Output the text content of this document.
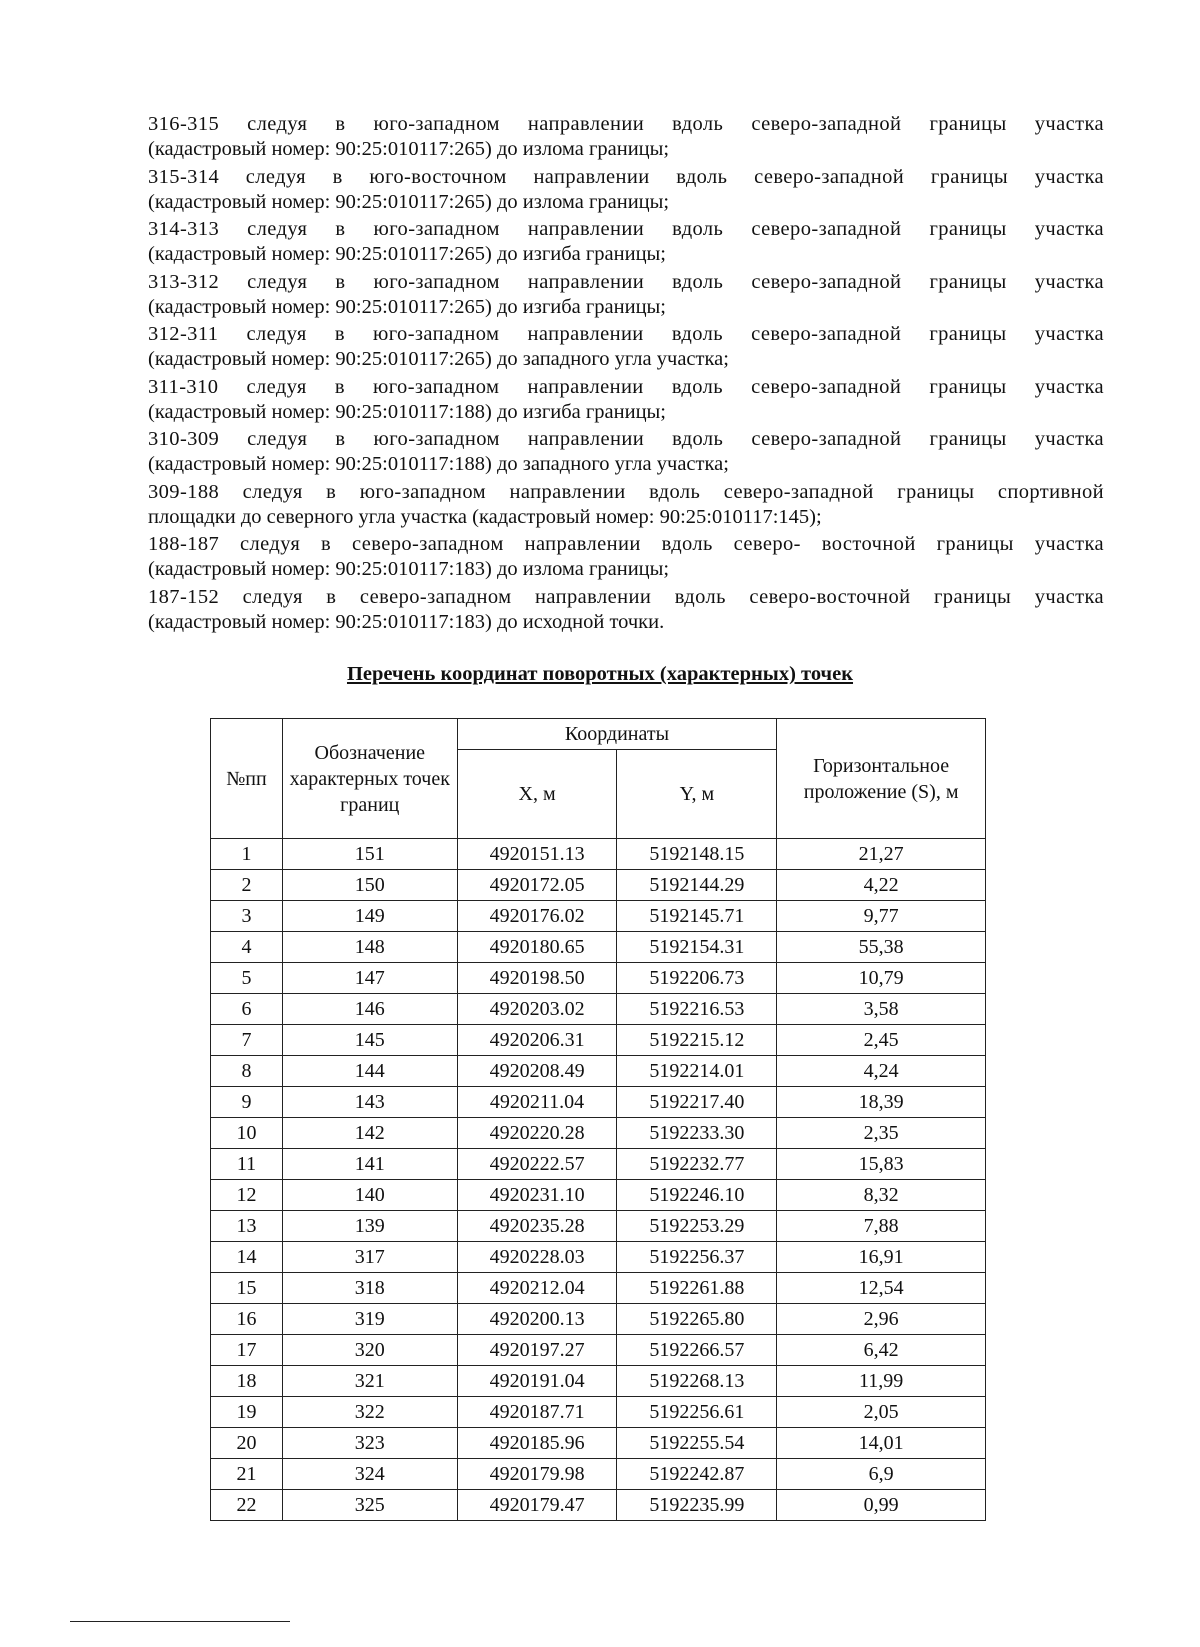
316-315 следуя в юго-западном направлении вдоль северо-западной границы участка
(кадастровый номер: 90:25:010117:265) до излома границы;

315-314 следуя в юго-восточном направлении вдоль северо-западной границы участка
(кадастровый номер: 90:25:010117:265) до излома границы;

314-313 следуя в юго-западном направлении вдоль северо-западной границы участка
(кадастровый номер: 90:25:010117:265) до изгиба границы;

313-312 следуя в юго-западном направлении вдоль северо-западной границы участка
(кадастровый номер: 90:25:010117:265) до изгиба границы;

312-311 следуя в юго-западном направлении вдоль северо-западной границы участка
(кадастровый номер: 90:25:010117:265) до западного угла участка;

311-310 следуя в юго-западном направлении вдоль северо-западной границы участка
(кадастровый номер: 90:25:010117:188) до изгиба границы;

310-309 следуя в юго-западном направлении вдоль северо-западной границы участка
(кадастровый номер: 90:25:010117:188) до западного угла участка;

309-188 следуя в юго-западном направлении вдоль северо-западной границы спортивной
площадки до северного угла участка (кадастровый номер: 90:25:010117:145);

188-187 следуя в северо-западном направлении вдоль северо- восточной границы участка
(кадастровый номер: 90:25:010117:183) до излома границы;

187-152 следуя в северо-западном направлении вдоль северо-восточной границы участка
(кадастровый номер: 90:25:010117:183) до исходной точки.

Перечень координат поворотных (характерных) точек
№пп	Обозначение характерных точек границ	Координаты		Горизонтальное проложение (S), м
		X, м	Y, м	
1	151	4920151.13	5192148.15	21,27
2	150	4920172.05	5192144.29	4,22
3	149	4920176.02	5192145.71	9,77
4	148	4920180.65	5192154.31	55,38
5	147	4920198.50	5192206.73	10,79
6	146	4920203.02	5192216.53	3,58
7	145	4920206.31	5192215.12	2,45
8	144	4920208.49	5192214.01	4,24
9	143	4920211.04	5192217.40	18,39
10	142	4920220.28	5192233.30	2,35
11	141	4920222.57	5192232.77	15,83
12	140	4920231.10	5192246.10	8,32
13	139	4920235.28	5192253.29	7,88
14	317	4920228.03	5192256.37	16,91
15	318	4920212.04	5192261.88	12,54
16	319	4920200.13	5192265.80	2,96
17	320	4920197.27	5192266.57	6,42
18	321	4920191.04	5192268.13	11,99
19	322	4920187.71	5192256.61	2,05
20	323	4920185.96	5192255.54	14,01
21	324	4920179.98	5192242.87	6,9
22	325	4920179.47	5192235.99	0,99
